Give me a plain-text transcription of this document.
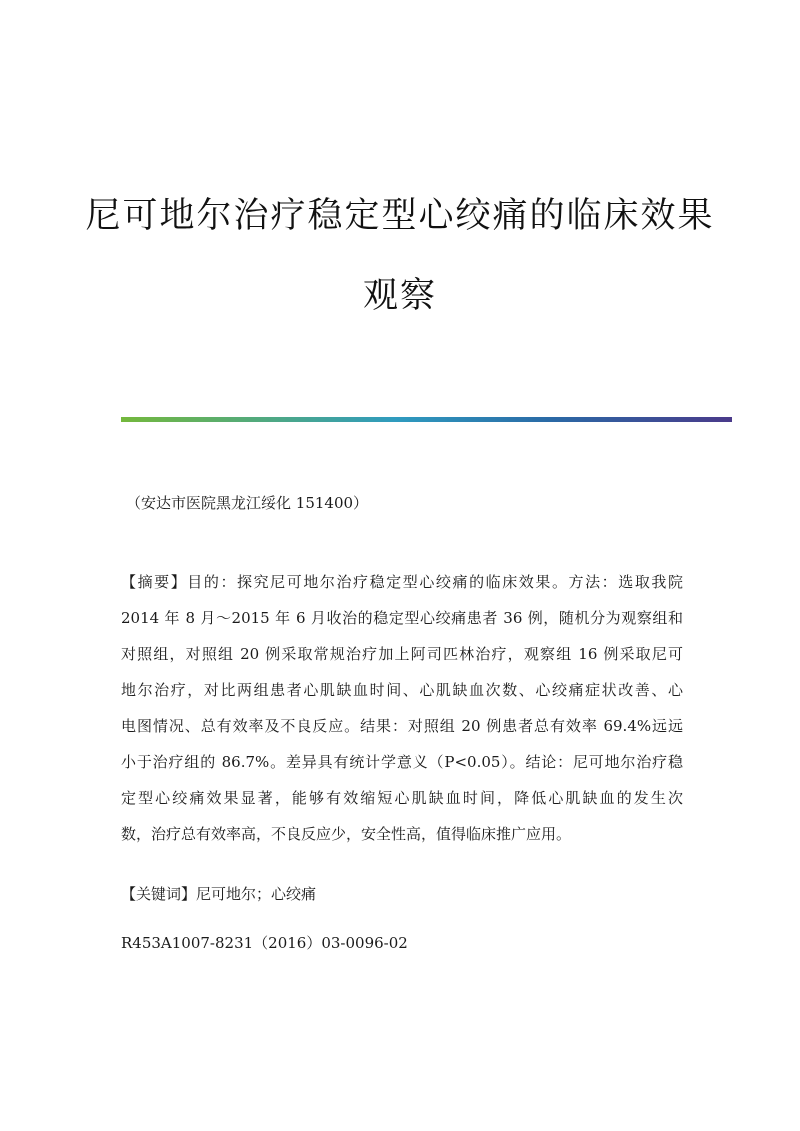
尼可地尔治疗稳定型心绞痛的临床效果
观察
（安达市医院黑龙江绥化 151400）
【摘要】目的：探究尼可地尔治疗稳定型心绞痛的临床效果。方法：选取我院
2014 年 8 月～2015 年 6 月收治的稳定型心绞痛患者 36 例，随机分为观察组和
对照组，对照组 20 例采取常规治疗加上阿司匹林治疗，观察组 16 例采取尼可
地尔治疗，对比两组患者心肌缺血时间、心肌缺血次数、心绞痛症状改善、心
电图情况、总有效率及不良反应。结果：对照组 20 例患者总有效率 69.4%远远
小于治疗组的 86.7%。差异具有统计学意义（P<0.05）。结论：尼可地尔治疗稳
定型心绞痛效果显著，能够有效缩短心肌缺血时间，降低心肌缺血的发生次
数，治疗总有效率高，不良反应少，安全性高，值得临床推广应用。
【关键词】尼可地尔；心绞痛
R453A1007-8231（2016）03-0096-02
